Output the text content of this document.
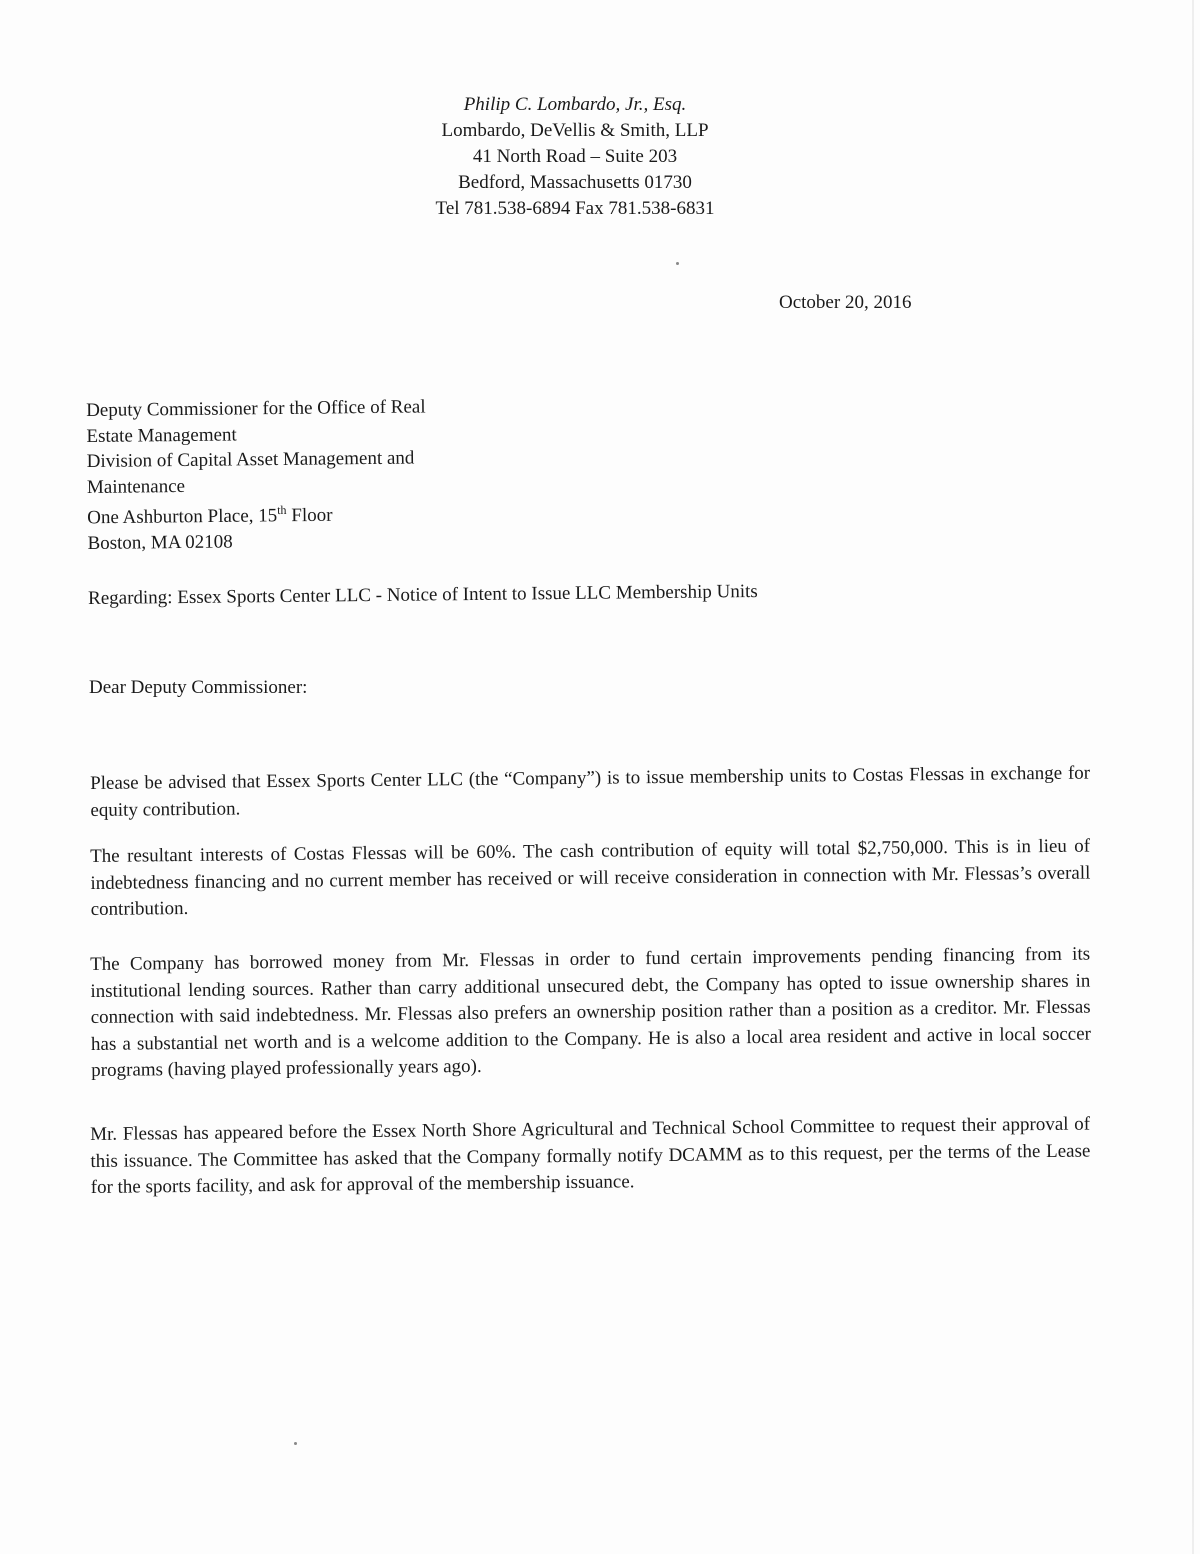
Philip C. Lombardo, Jr., Esq.
Lombardo, DeVellis & Smith, LLP
41 North Road – Suite 203
Bedford, Massachusetts 01730
Tel 781.538-6894 Fax 781.538-6831
October 20, 2016
Deputy Commissioner for the Office of Real
Estate Management
Division of Capital Asset Management and
Maintenance
One Ashburton Place, 15th Floor
Boston, MA 02108
Regarding: Essex Sports Center LLC - Notice of Intent to Issue LLC Membership Units
Dear Deputy Commissioner:

Please be advised that Essex Sports Center LLC (the “Company”) is to issue membership units to Costas Flessas in exchange for equity contribution.

The resultant interests of Costas Flessas will be 60%. The cash contribution of equity will total $2,750,000. This is in lieu of indebtedness financing and no current member has received or will receive consideration in connection with Mr. Flessas’s overall contribution.

The Company has borrowed money from Mr. Flessas in order to fund certain improvements pending financing from its institutional lending sources. Rather than carry additional unsecured debt, the Company has opted to issue ownership shares in connection with said indebtedness. Mr. Flessas also prefers an ownership position rather than a position as a creditor. Mr. Flessas has a substantial net worth and is a welcome addition to the Company. He is also a local area resident and active in local soccer programs (having played professionally years ago).

Mr. Flessas has appeared before the Essex North Shore Agricultural and Technical School Committee to request their approval of this issuance. The Committee has asked that the Company formally notify DCAMM as to this request, per the terms of the Lease for the sports facility, and ask for approval of the membership issuance.
